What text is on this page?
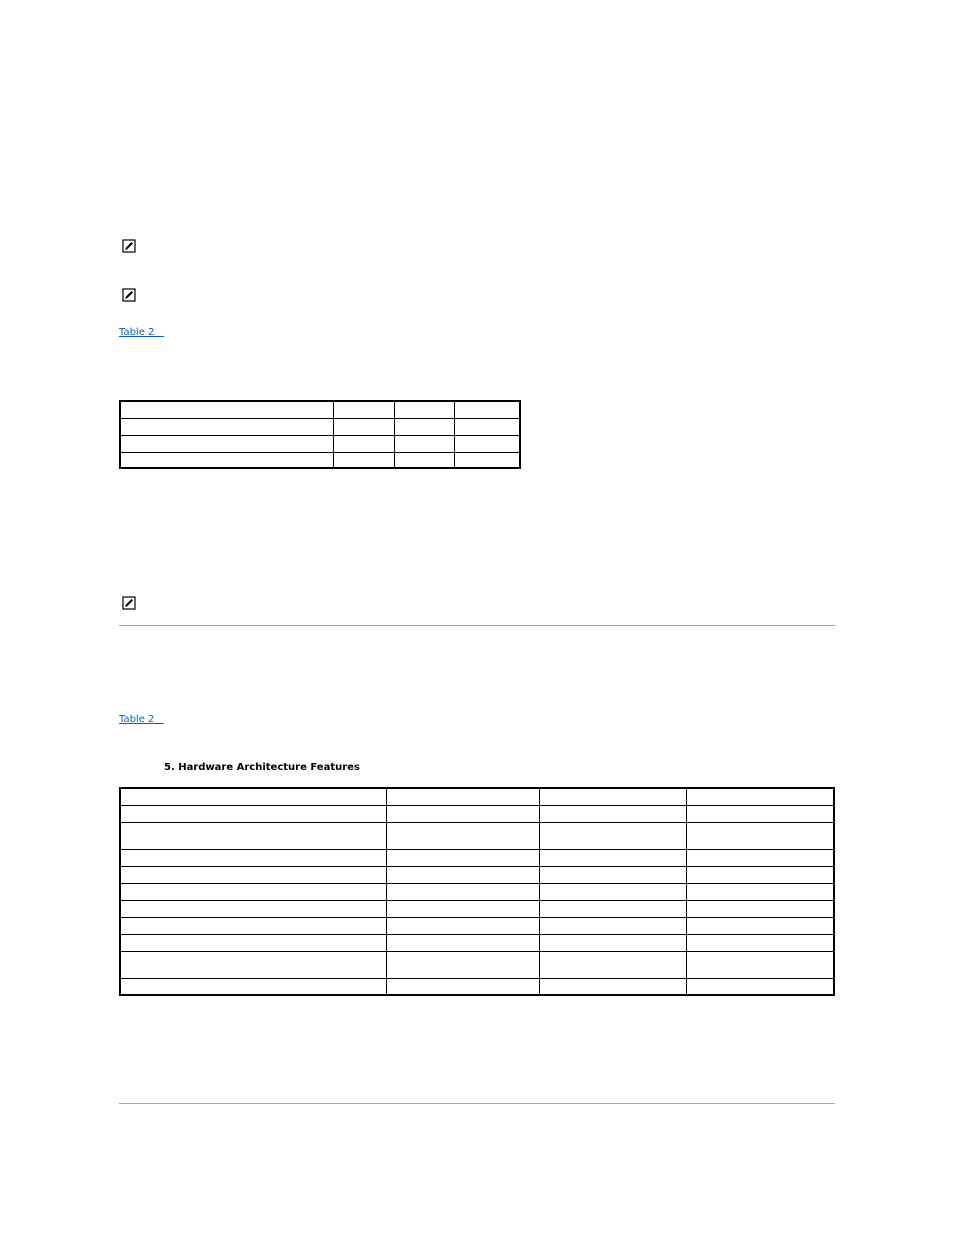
Table 2

Table 2
5. Hardware Architecture Features
